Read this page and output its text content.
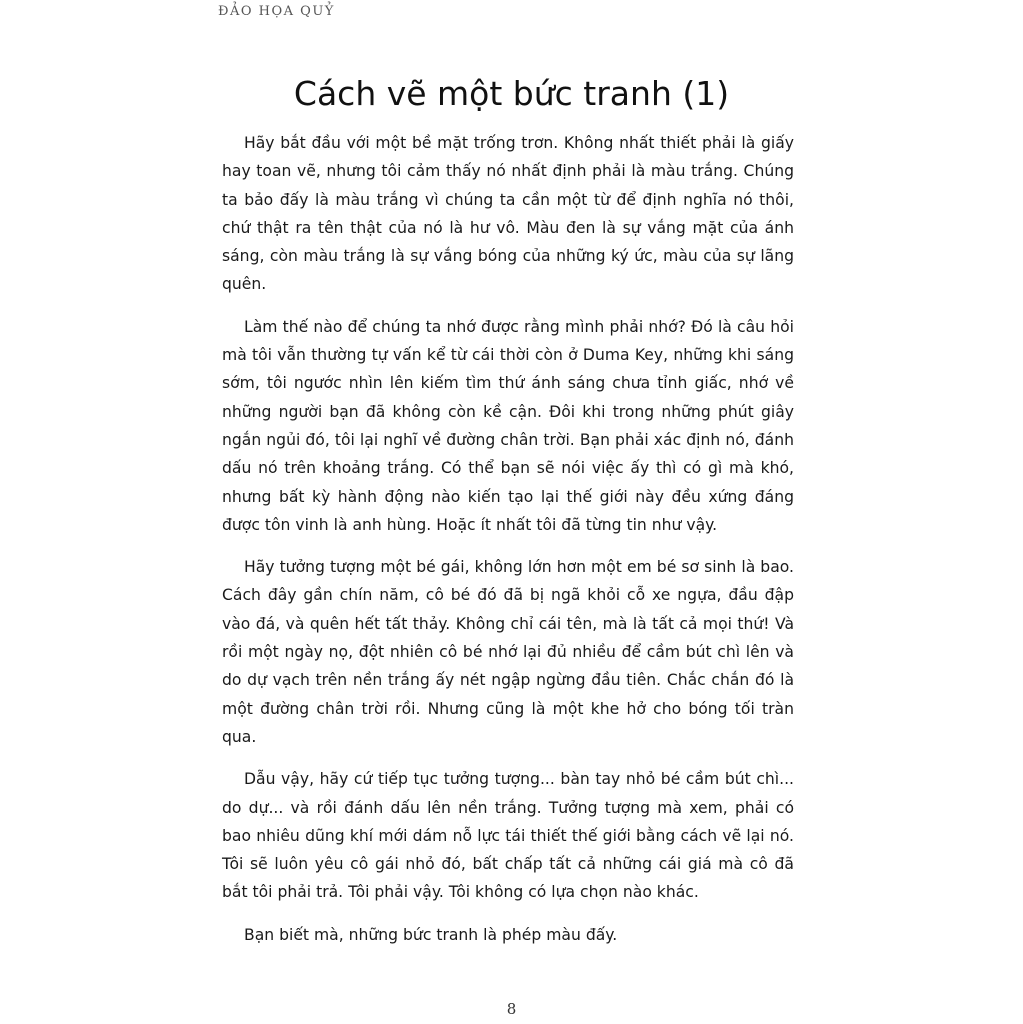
ĐẢO HỌA QUỶ
Cách vẽ một bức tranh (1)

Hãy bắt đầu với một bề mặt trống trơn. Không nhất thiết phải là giấy hay toan vẽ, nhưng tôi cảm thấy nó nhất định phải là màu trắng. Chúng ta bảo đấy là màu trắng vì chúng ta cần một từ để định nghĩa nó thôi, chứ thật ra tên thật của nó là hư vô. Màu đen là sự vắng mặt của ánh sáng, còn màu trắng là sự vắng bóng của những ký ức, màu của sự lãng quên.

Làm thế nào để chúng ta nhớ được rằng mình phải nhớ? Đó là câu hỏi mà tôi vẫn thường tự vấn kể từ cái thời còn ở Duma Key, những khi sáng sớm, tôi ngước nhìn lên kiếm tìm thứ ánh sáng chưa tỉnh giấc, nhớ về những người bạn đã không còn kề cận. Đôi khi trong những phút giây ngắn ngủi đó, tôi lại nghĩ về đường chân trời. Bạn phải xác định nó, đánh dấu nó trên khoảng trắng. Có thể bạn sẽ nói việc ấy thì có gì mà khó, nhưng bất kỳ hành động nào kiến tạo lại thế giới này đều xứng đáng được tôn vinh là anh hùng. Hoặc ít nhất tôi đã từng tin như vậy.

Hãy tưởng tượng một bé gái, không lớn hơn một em bé sơ sinh là bao. Cách đây gần chín năm, cô bé đó đã bị ngã khỏi cỗ xe ngựa, đầu đập vào đá, và quên hết tất thảy. Không chỉ cái tên, mà là tất cả mọi thứ! Và rồi một ngày nọ, đột nhiên cô bé nhớ lại đủ nhiều để cầm bút chì lên và do dự vạch trên nền trắng ấy nét ngập ngừng đầu tiên. Chắc chắn đó là một đường chân trời rồi. Nhưng cũng là một khe hở cho bóng tối tràn qua.

Dẫu vậy, hãy cứ tiếp tục tưởng tượng... bàn tay nhỏ bé cầm bút chì... do dự... và rồi đánh dấu lên nền trắng. Tưởng tượng mà xem, phải có bao nhiêu dũng khí mới dám nỗ lực tái thiết thế giới bằng cách vẽ lại nó. Tôi sẽ luôn yêu cô gái nhỏ đó, bất chấp tất cả những cái giá mà cô đã bắt tôi phải trả. Tôi phải vậy. Tôi không có lựa chọn nào khác.

Bạn biết mà, những bức tranh là phép màu đấy.

8
